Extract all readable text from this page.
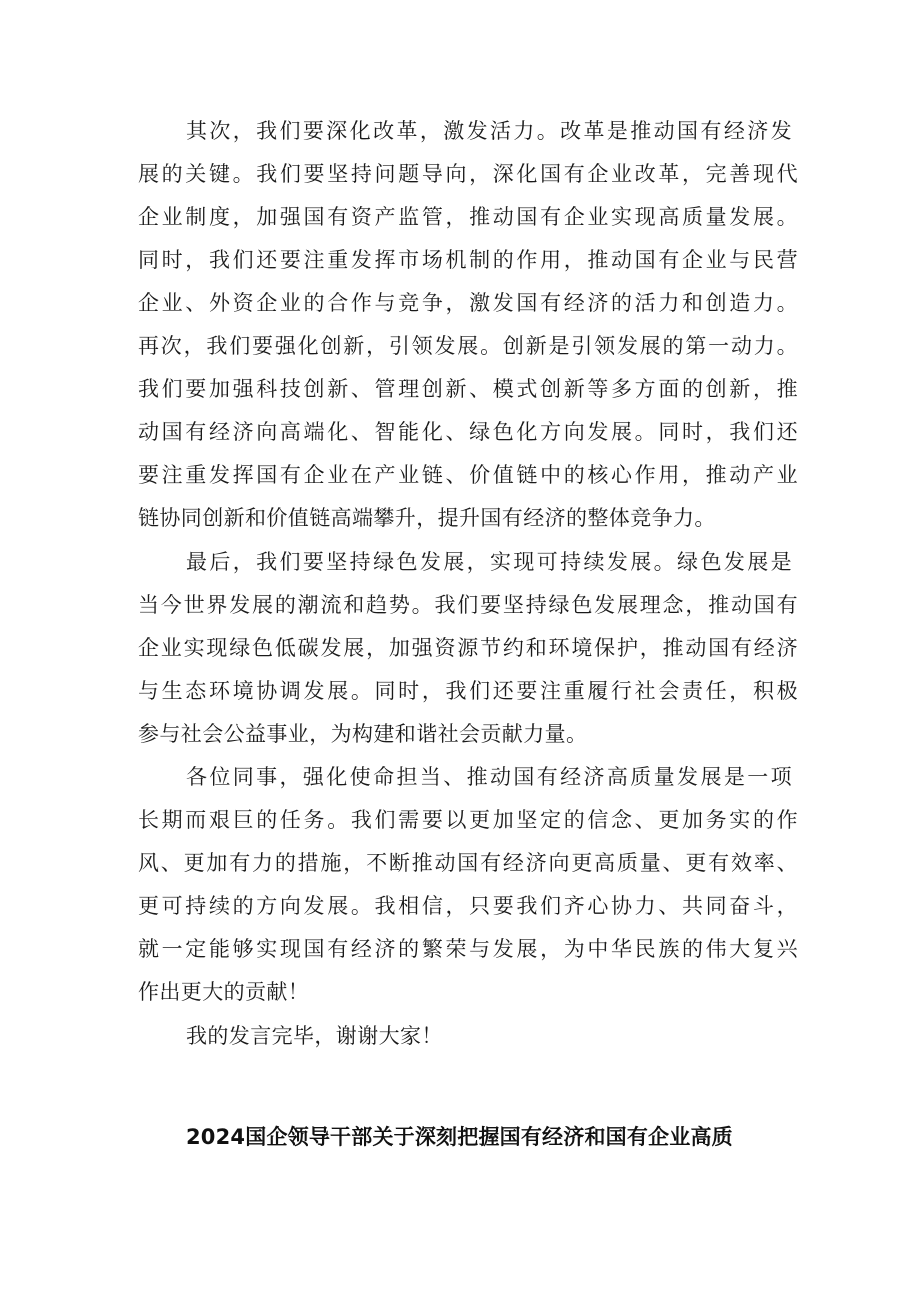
其次，我们要深化改革，激发活力。改革是推动国有经济发
展的关键。我们要坚持问题导向，深化国有企业改革，完善现代
企业制度，加强国有资产监管，推动国有企业实现高质量发展。
同时，我们还要注重发挥市场机制的作用，推动国有企业与民营
企业、外资企业的合作与竞争，激发国有经济的活力和创造力。
再次，我们要强化创新，引领发展。创新是引领发展的第一动力。
我们要加强科技创新、管理创新、模式创新等多方面的创新，推
动国有经济向高端化、智能化、绿色化方向发展。同时，我们还
要注重发挥国有企业在产业链、价值链中的核心作用，推动产业
链协同创新和价值链高端攀升，提升国有经济的整体竞争力。
最后，我们要坚持绿色发展，实现可持续发展。绿色发展是
当今世界发展的潮流和趋势。我们要坚持绿色发展理念，推动国有
企业实现绿色低碳发展，加强资源节约和环境保护，推动国有经济
与生态环境协调发展。同时，我们还要注重履行社会责任，积极
参与社会公益事业，为构建和谐社会贡献力量。
各位同事，强化使命担当、推动国有经济高质量发展是一项
长期而艰巨的任务。我们需要以更加坚定的信念、更加务实的作
风、更加有力的措施，不断推动国有经济向更高质量、更有效率、
更可持续的方向发展。我相信，只要我们齐心协力、共同奋斗，
就一定能够实现国有经济的繁荣与发展，为中华民族的伟大复兴
作出更大的贡献！
我的发言完毕，谢谢大家！
2024国企领导干部关于深刻把握国有经济和国有企业高质
